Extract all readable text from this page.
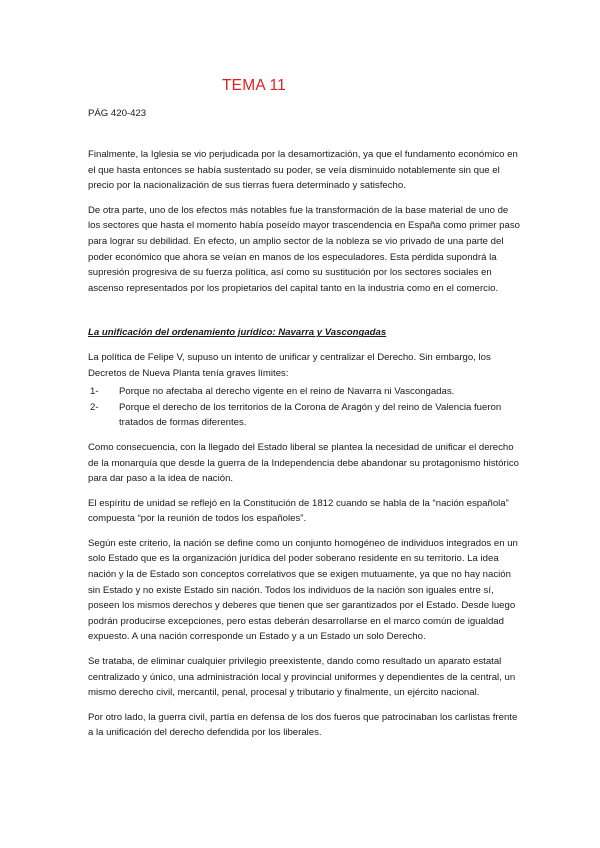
TEMA 11
PÁG 420-423

Finalmente, la Iglesia se vio perjudicada por la desamortización, ya que el fundamento económico en el que hasta entonces se había sustentado su poder, se veía disminuido notablemente sin que el precio por la nacionalización de sus tierras fuera determinado y satisfecho.

De otra parte, uno de los efectos más notables fue la transformación de la base material de uno de los sectores que hasta el momento había poseído mayor trascendencia en España como primer paso para lograr su debilidad. En efecto, un amplio sector de la nobleza se vio privado de una parte del poder económico que ahora se veían en manos de los especuladores. Esta pérdida supondrá la supresión progresiva de su fuerza política, así como su sustitución por los sectores sociales en ascenso representados por los propietarios del capital tanto en la industria como en el comercio.

La unificación del ordenamiento jurídico: Navarra y Vascongadas

La política de Felipe V, supuso un intento de unificar y centralizar el Derecho. Sin embargo, los Decretos de Nueva Planta tenía graves límites:

1-	Porque no afectaba al derecho vigente en el reino de Navarra ni Vascongadas.
2-	Porque el derecho de los territorios de la Corona de Aragón y del reino de Valencia fueron tratados de formas diferentes.

Como consecuencia, con la llegado del Estado liberal se plantea la necesidad de unificar el derecho de la monarquía que desde la guerra de la Independencia debe abandonar su protagonismo histórico para dar paso a la idea de nación.

El espíritu de unidad se reflejó en la Constitución de 1812 cuando se habla de la “nación española” compuesta “por la reunión de todos los españoles”.

Según este criterio, la nación se define como un conjunto homogéneo de individuos integrados en un solo Estado que es la organización jurídica del poder soberano residente en su territorio. La idea nación y la de Estado son conceptos correlativos que se exigen mutuamente, ya que no hay nación sin Estado y no existe Estado sin nación. Todos los individuos de la nación son iguales entre sí, poseen los mismos derechos y deberes que tienen que ser garantizados por el Estado. Desde luego podrán producirse excepciones, pero estas deberán desarrollarse en el marco común de igualdad expuesto. A una nación corresponde un Estado y a un Estado un solo Derecho.

Se trataba, de eliminar cualquier privilegio preexistente, dando como resultado un aparato estatal centralizado y único, una administración local y provincial uniformes y dependientes de la central, un mismo derecho civil, mercantil, penal, procesal y tributario y finalmente, un ejército nacional.

Por otro lado, la guerra civil, partía en defensa de los dos fueros que patrocinaban los carlistas frente a la unificación del derecho defendida por los liberales.
